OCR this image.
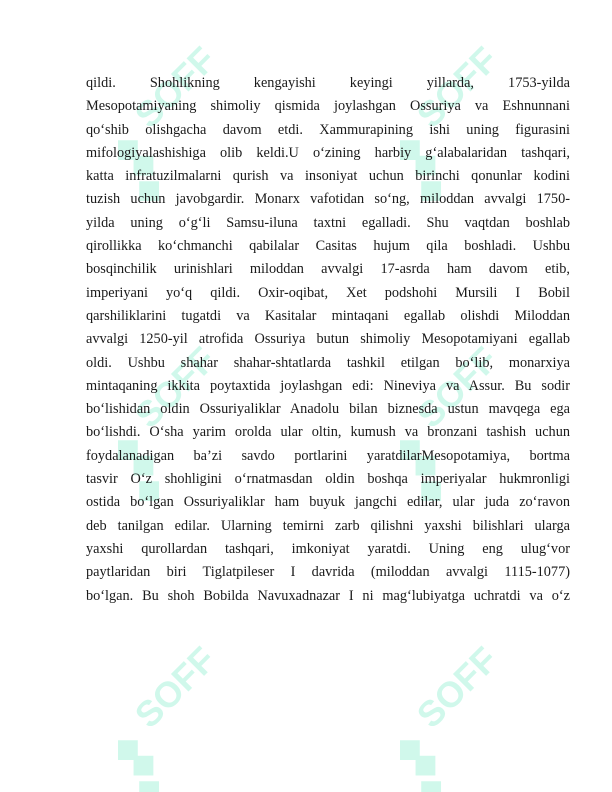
SOFF	SOFF
SOFF	SOFF
SOFF	SOFF
qildi. Shohlikning kengayishi keyingi yillarda, 1753-yilda
Mesopotamiyaning shimoliy qismida joylashgan Ossuriya va Eshnunnani
qo‘shib olishgacha davom etdi. Xammurapining ishi uning figurasini
mifologiyalashishiga olib keldi.U o‘zining harbiy g‘alabalaridan tashqari,
katta infratuzilmalarni qurish va insoniyat uchun birinchi qonunlar kodini
tuzish uchun javobgardir. Monarx vafotidan so‘ng, miloddan avvalgi 1750-
yilda uning o‘g‘li Samsu-iluna taxtni egalladi. Shu vaqtdan boshlab
qirollikka ko‘chmanchi qabilalar Casitas hujum qila boshladi. Ushbu
bosqinchilik urinishlari miloddan avvalgi 17-asrda ham davom etib,
imperiyani yo‘q qildi. Oxir-oqibat, Xet podshohi Mursili I Bobil
qarshiliklarini tugatdi va Kasitalar mintaqani egallab olishdi Miloddan
avvalgi 1250-yil atrofida Ossuriya butun shimoliy Mesopotamiyani egallab
oldi. Ushbu shahar shahar-shtatlarda tashkil etilgan bo‘lib, monarxiya
mintaqaning ikkita poytaxtida joylashgan edi: Nineviya va Assur. Bu sodir
bo‘lishidan oldin Ossuriyaliklar Anadolu bilan biznesda ustun mavqega ega
bo‘lishdi. O‘sha yarim orolda ular oltin, kumush va bronzani tashish uchun
foydalanadigan ba’zi savdo portlarini yaratdilarMesopotamiya, bortma
tasvir O‘z shohligini o‘rnatmasdan oldin boshqa imperiyalar hukmronligi
ostida bo‘lgan Ossuriyaliklar ham buyuk jangchi edilar, ular juda zo‘ravon
deb tanilgan edilar. Ularning temirni zarb qilishni yaxshi bilishlari ularga
yaxshi qurollardan tashqari, imkoniyat yaratdi. Uning eng ulug‘vor
paytlaridan biri Tiglatpileser I davrida (miloddan avvalgi 1115-1077)
bo‘lgan. Bu shoh Bobilda Navuxadnazar I ni mag‘lubiyatga uchratdi va o‘z
